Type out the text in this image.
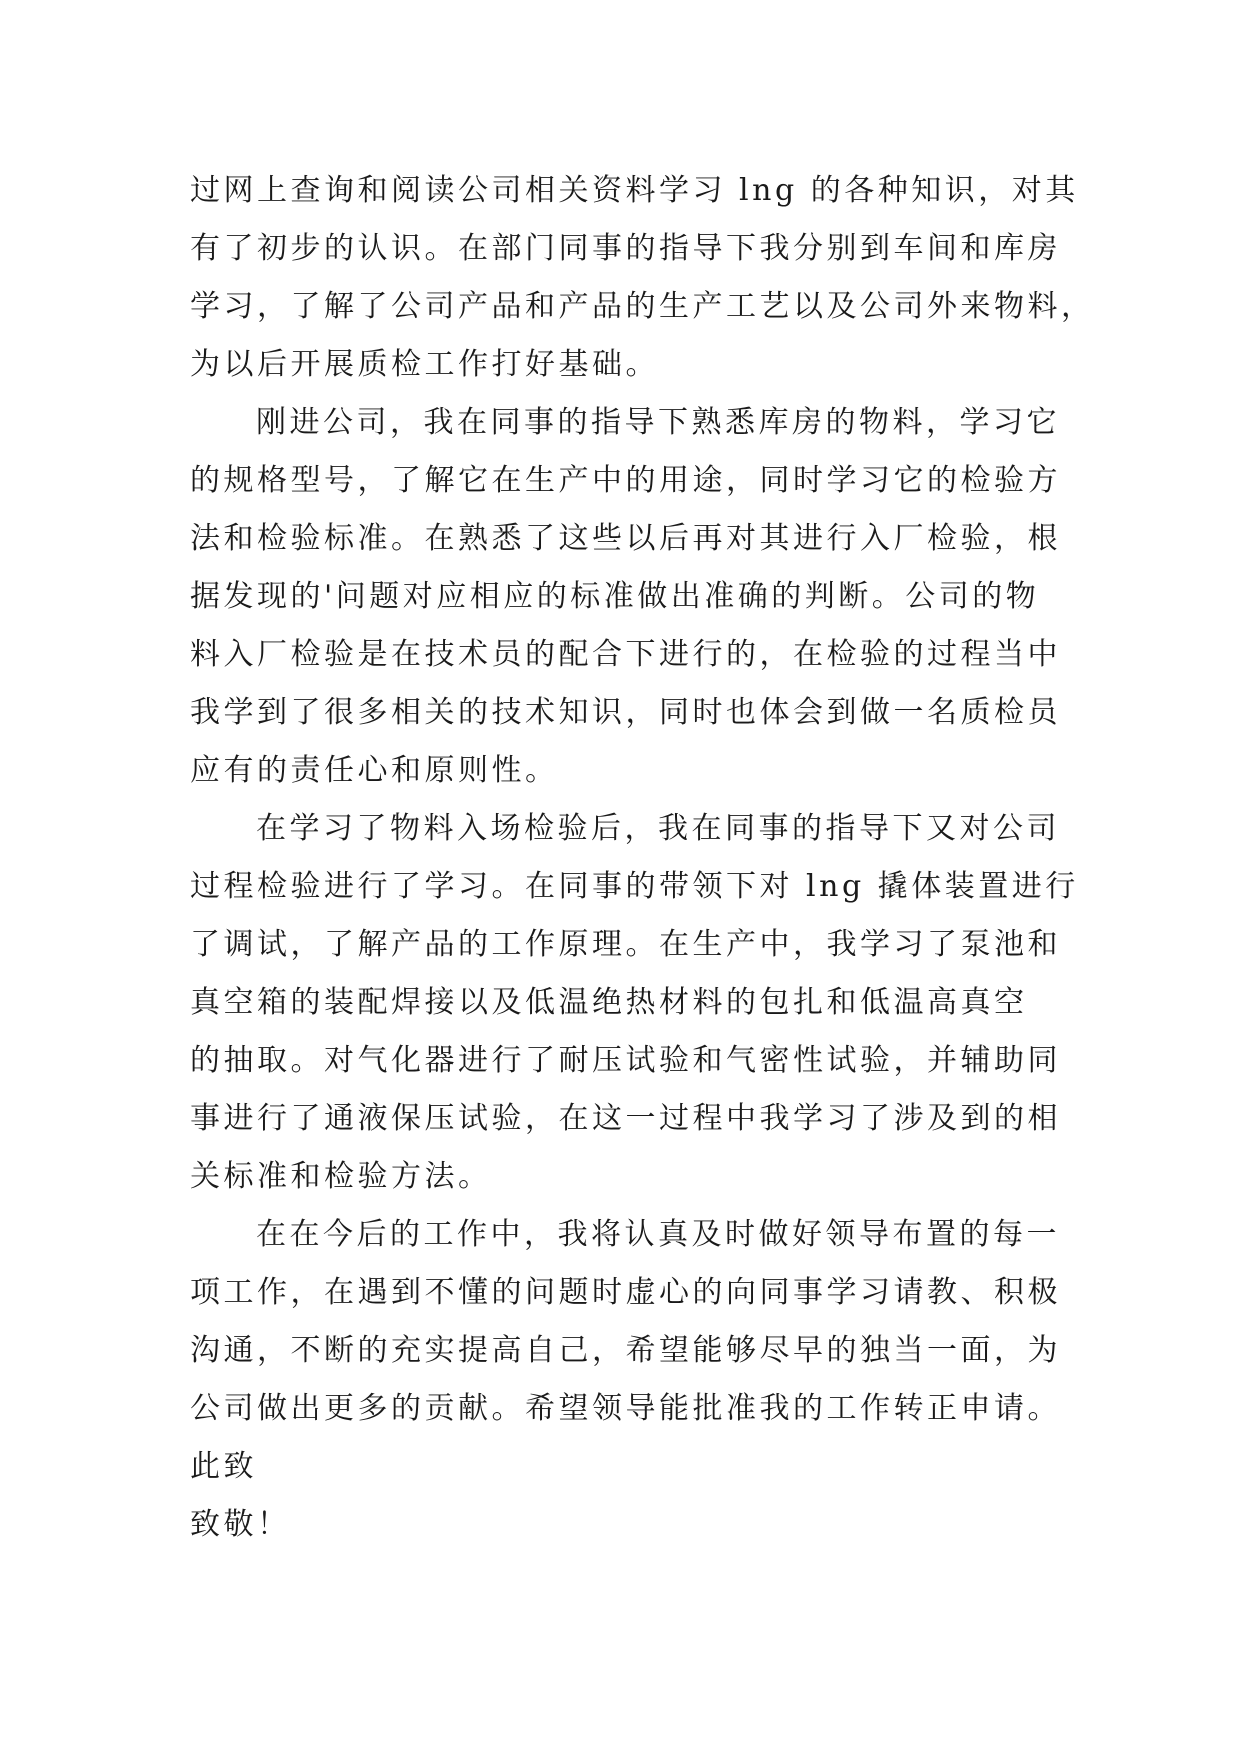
过网上查询和阅读公司相关资料学习 lng 的各种知识，对其
有了初步的认识。在部门同事的指导下我分别到车间和库房
学习，了解了公司产品和产品的生产工艺以及公司外来物料，
为以后开展质检工作打好基础。
刚进公司，我在同事的指导下熟悉库房的物料，学习它
的规格型号，了解它在生产中的用途，同时学习它的检验方
法和检验标准。在熟悉了这些以后再对其进行入厂检验，根
据发现的'问题对应相应的标准做出准确的判断。公司的物
料入厂检验是在技术员的配合下进行的，在检验的过程当中
我学到了很多相关的技术知识，同时也体会到做一名质检员
应有的责任心和原则性。
在学习了物料入场检验后，我在同事的指导下又对公司
过程检验进行了学习。在同事的带领下对 lng 撬体装置进行
了调试，了解产品的工作原理。在生产中，我学习了泵池和
真空箱的装配焊接以及低温绝热材料的包扎和低温高真空
的抽取。对气化器进行了耐压试验和气密性试验，并辅助同
事进行了通液保压试验，在这一过程中我学习了涉及到的相
关标准和检验方法。
在在今后的工作中，我将认真及时做好领导布置的每一
项工作，在遇到不懂的问题时虚心的向同事学习请教、积极
沟通，不断的充实提高自己，希望能够尽早的独当一面，为
公司做出更多的贡献。希望领导能批准我的工作转正申请。
此致
致敬！
